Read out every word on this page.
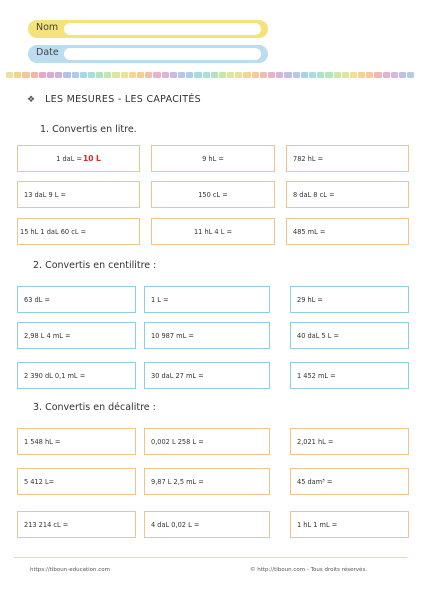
Nom
Date
❖ LES MESURES - LES CAPACITÉS
1. Convertis en litre.
1 daL = 10 L	9 hL =	782 hL =
13 daL 9 L =	150 cL =	8 daL 8 cL =
15 hL 1 daL 60 cL =	11 hL 4 L =	485 mL =
2. Convertis en centilitre :
63 dL =	1 L =	29 hL =
2,98 L 4 mL =	10 987 mL =	40 daL 5 L =
2 390 dL 0,1 mL =	30 daL 27 mL =	1 452 mL =
3. Convertis en décalitre :
1 548 hL =	0,002 L 258 L =	2,021 hL =
5 412 L=	9,87 L 2,5 mL =	45 dam³ =
213 214 cL =	4 daL 0,02 L =	1 hL 1 mL =
https://tiboun-education.com	© http://tiboun.com - Tous droits réservés.
